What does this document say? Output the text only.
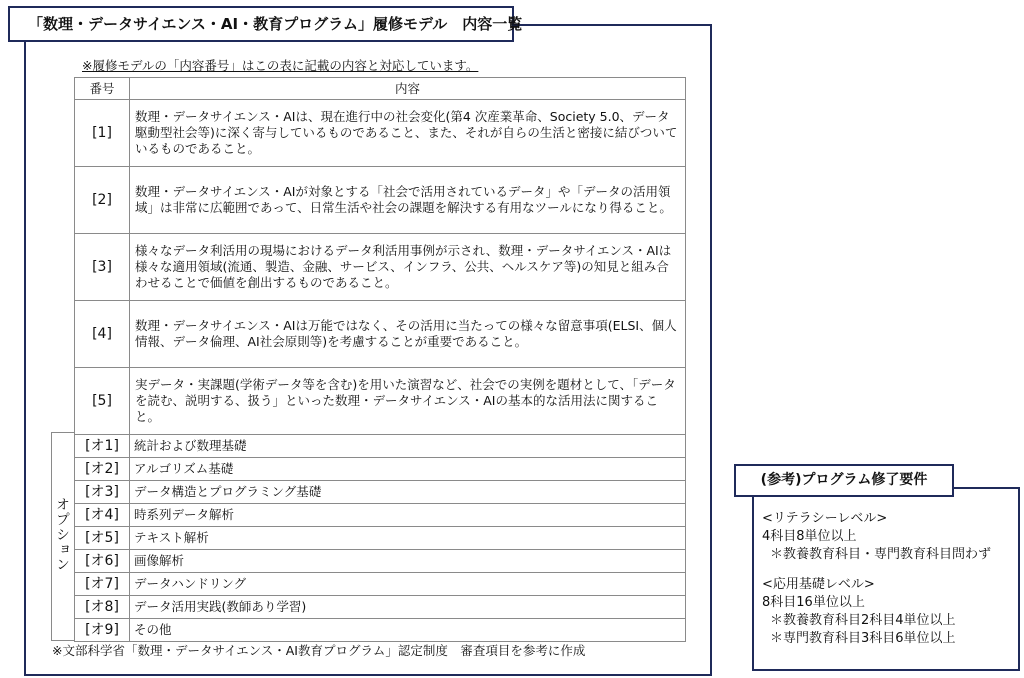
「数理・データサイエンス・AI・教育プログラム」履修モデル　内容一覧
※履修モデルの「内容番号」はこの表に記載の内容と対応しています。
番号	内容
[1]	数理・データサイエンス・AIは、現在進行中の社会変化(第4 次産業革命、Society 5.0、データ駆動型社会等)に深く寄与しているものであること、また、それが自らの生活と密接に結びついているものであること。
[2]	数理・データサイエンス・AIが対象とする「社会で活用されているデータ」や「データの活用領域」は非常に広範囲であって、日常生活や社会の課題を解決する有用なツールになり得ること。
[3]	様々なデータ利活用の現場におけるデータ利活用事例が示され、数理・データサイエンス・AIは様々な適用領域(流通、製造、金融、サービス、インフラ、公共、ヘルスケア等)の知見と組み合わせることで価値を創出するものであること。
[4]	数理・データサイエンス・AIは万能ではなく、その活用に当たっての様々な留意事項(ELSI、個人情報、データ倫理、AI社会原則等)を考慮することが重要であること。
[5]	実データ・実課題(学術データ等を含む)を用いた演習など、社会での実例を題材として、「データを読む、説明する、扱う」といった数理・データサイエンス・AIの基本的な活用法に関すること。
[オ1]	統計および数理基礎
[オ2]	アルゴリズム基礎
[オ3]	データ構造とプログラミング基礎
[オ4]	時系列データ解析
[オ5]	テキスト解析
[オ6]	画像解析
[オ7]	データハンドリング
[オ8]	データ活用実践(教師あり学習)
[オ9]	その他
オプション
※文部科学省「数理・データサイエンス・AI教育プログラム」認定制度　審査項目を参考に作成
(参考)プログラム修了要件
<リテラシーレベル>
4科目8単位以上
＊教養教育科目・専門教育科目問わず
<応用基礎レベル>
8科目16単位以上
＊教養教育科目2科目4単位以上
＊専門教育科目3科目6単位以上
